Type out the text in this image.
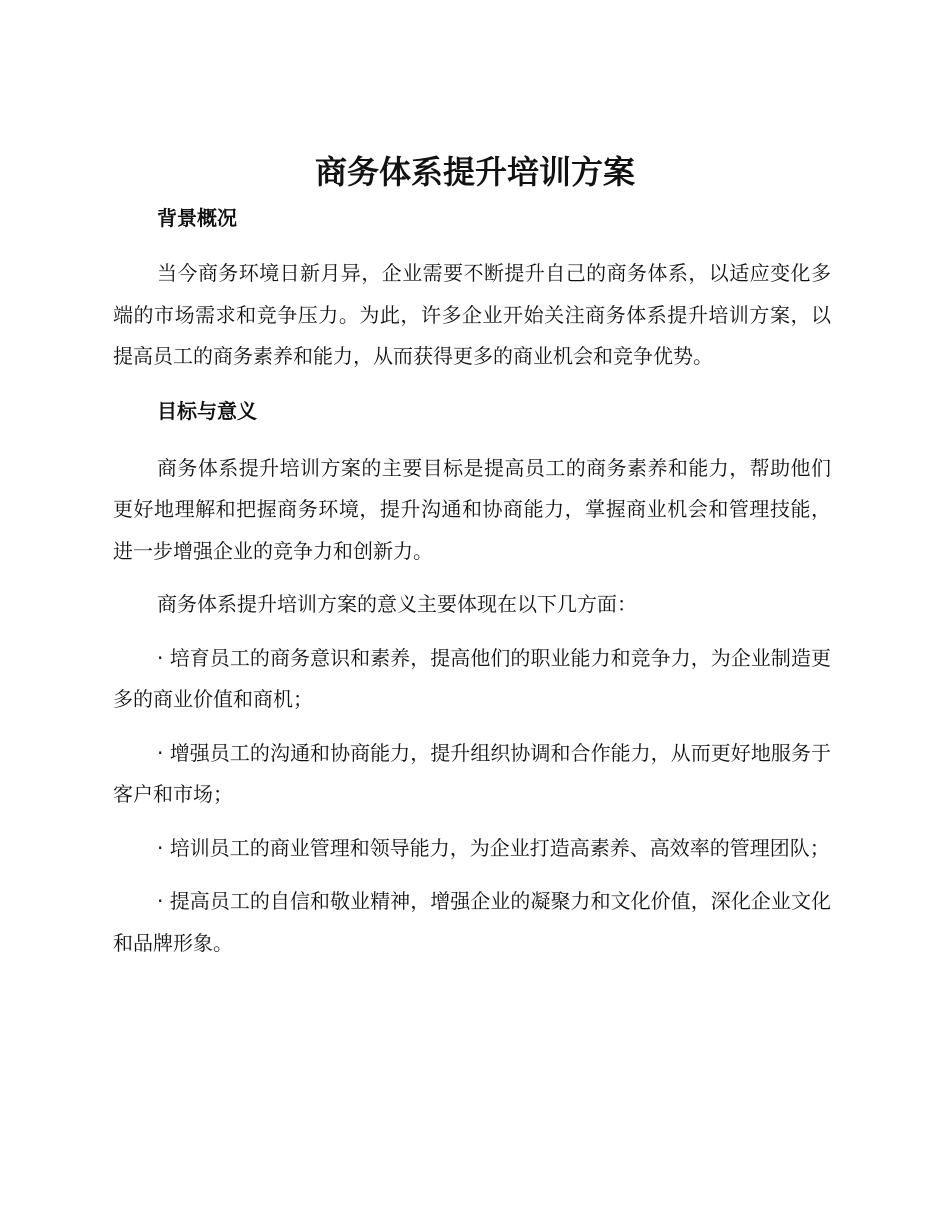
商务体系提升培训方案
背景概况

当今商务环境日新月异，企业需要不断提升自己的商务体系，以适应变化多端的市场需求和竞争压力。为此，许多企业开始关注商务体系提升培训方案，以提高员工的商务素养和能力，从而获得更多的商业机会和竞争优势。

目标与意义

商务体系提升培训方案的主要目标是提高员工的商务素养和能力，帮助他们更好地理解和把握商务环境，提升沟通和协商能力，掌握商业机会和管理技能，进一步增强企业的竞争力和创新力。

商务体系提升培训方案的意义主要体现在以下几方面：

· 培育员工的商务意识和素养，提高他们的职业能力和竞争力，为企业制造更多的商业价值和商机；

· 增强员工的沟通和协商能力，提升组织协调和合作能力，从而更好地服务于客户和市场；

· 培训员工的商业管理和领导能力，为企业打造高素养、高效率的管理团队；

· 提高员工的自信和敬业精神，增强企业的凝聚力和文化价值，深化企业文化和品牌形象。
